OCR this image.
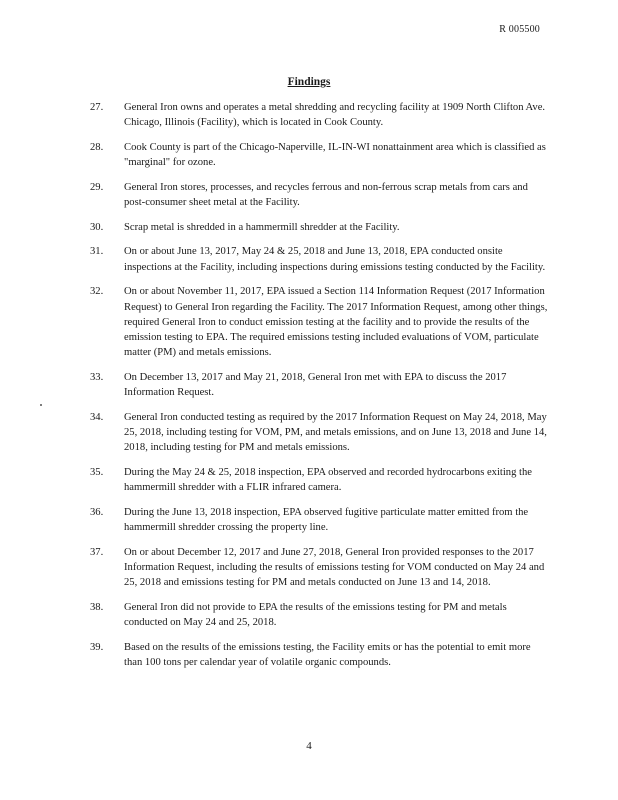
R 005500
Findings
27. General Iron owns and operates a metal shredding and recycling facility at 1909 North Clifton Ave. Chicago, Illinois (Facility), which is located in Cook County.
28. Cook County is part of the Chicago-Naperville, IL-IN-WI nonattainment area which is classified as "marginal" for ozone.
29. General Iron stores, processes, and recycles ferrous and non-ferrous scrap metals from cars and post-consumer sheet metal at the Facility.
30. Scrap metal is shredded in a hammermill shredder at the Facility.
31. On or about June 13, 2017, May 24 & 25, 2018 and June 13, 2018, EPA conducted onsite inspections at the Facility, including inspections during emissions testing conducted by the Facility.
32. On or about November 11, 2017, EPA issued a Section 114 Information Request (2017 Information Request) to General Iron regarding the Facility. The 2017 Information Request, among other things, required General Iron to conduct emission testing at the facility and to provide the results of the emission testing to EPA. The required emissions testing included evaluations of VOM, particulate matter (PM) and metals emissions.
33. On December 13, 2017 and May 21, 2018, General Iron met with EPA to discuss the 2017 Information Request.
34. General Iron conducted testing as required by the 2017 Information Request on May 24, 2018, May 25, 2018, including testing for VOM, PM, and metals emissions, and on June 13, 2018 and June 14, 2018, including testing for PM and metals emissions.
35. During the May 24 & 25, 2018 inspection, EPA observed and recorded hydrocarbons exiting the hammermill shredder with a FLIR infrared camera.
36. During the June 13, 2018 inspection, EPA observed fugitive particulate matter emitted from the hammermill shredder crossing the property line.
37. On or about December 12, 2017 and June 27, 2018, General Iron provided responses to the 2017 Information Request, including the results of emissions testing for VOM conducted on May 24 and 25, 2018 and emissions testing for PM and metals conducted on June 13 and 14, 2018.
38. General Iron did not provide to EPA the results of the emissions testing for PM and metals conducted on May 24 and 25, 2018.
39. Based on the results of the emissions testing, the Facility emits or has the potential to emit more than 100 tons per calendar year of volatile organic compounds.
4
